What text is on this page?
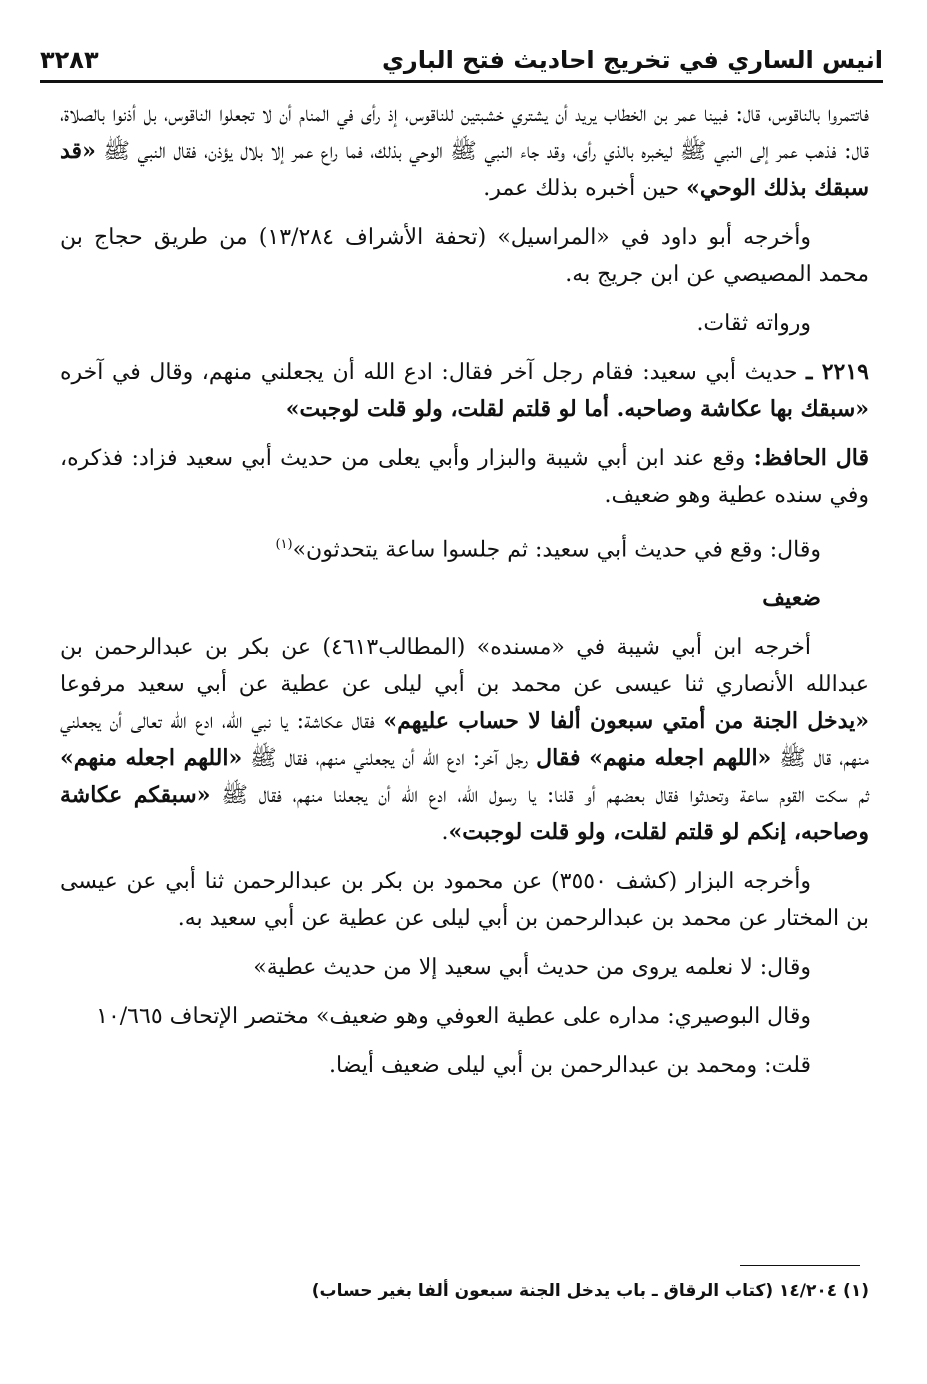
انيس الساري في تخريج احاديث فتح الباري
٣٢٨٣

فاتتمروا بالناقوس، قال: فبينا عمر بن الخطاب يريد أن يشتري خشبتين للناقوس، إذ رأى في المنام أن لا تجعلوا الناقوس، بل أذنوا بالصلاة، قال: فذهب عمر إلى النبي ﷺ ليخبره بالذي رأى، وقد جاء النبي ﷺ الوحي بذلك، فما راع عمر إلا بلال يؤذن، فقال النبي ﷺ «قد سبقك بذلك الوحي» حين أخبره بذلك عمر.

وأخرجه أبو داود في «المراسيل» (تحفة الأشراف ١٣/٢٨٤) من طريق حجاج بن محمد المصيصي عن ابن جريج به.

ورواته ثقات.

٢٢١٩ ـ حديث أبي سعيد: فقام رجل آخر فقال: ادع الله أن يجعلني منهم، وقال في آخره «سبقك بها عكاشة وصاحبه. أما لو قلتم لقلت، ولو قلت لوجبت»

قال الحافظ: وقع عند ابن أبي شيبة والبزار وأبي يعلى من حديث أبي سعيد فزاد: فذكره، وفي سنده عطية وهو ضعيف.

وقال: وقع في حديث أبي سعيد: ثم جلسوا ساعة يتحدثون»$^{(١)}$

ضعيف

أخرجه ابن أبي شيبة في «مسنده» (المطالب٤٦١٣) عن بكر بن عبدالرحمن بن عبدالله الأنصاري ثنا عيسى عن محمد بن أبي ليلى عن عطية عن أبي سعيد مرفوعا «يدخل الجنة من أمتي سبعون ألفا لا حساب عليهم» فقال عكاشة: يا نبي الله، ادع الله تعالى أن يجعلني منهم، قال ﷺ «اللهم اجعله منهم» فقال رجل آخر: ادع الله أن يجعلني منهم، فقال ﷺ «اللهم اجعله منهم» ثم سكت القوم ساعة وتحدثوا فقال بعضهم أو قلنا: يا رسول الله، ادع الله أن يجعلنا منهم، فقال ﷺ «سبقكم عكاشة وصاحبه، إنكم لو قلتم لقلت، ولو قلت لوجبت».

وأخرجه البزار (كشف ٣٥٥٠) عن محمود بن بكر بن عبدالرحمن ثنا أبي عن عيسى بن المختار عن محمد بن عبدالرحمن بن أبي ليلى عن عطية عن أبي سعيد به.

وقال: لا نعلمه يروى من حديث أبي سعيد إلا من حديث عطية»

وقال البوصيري: مداره على عطية العوفي وهو ضعيف» مختصر الإتحاف ١٠/٦٦٥

قلت: ومحمد بن عبدالرحمن بن أبي ليلى ضعيف أيضا.

(١) ١٤/٢٠٤ (كتاب الرقاق ـ باب يدخل الجنة سبعون ألفا بغير حساب)
